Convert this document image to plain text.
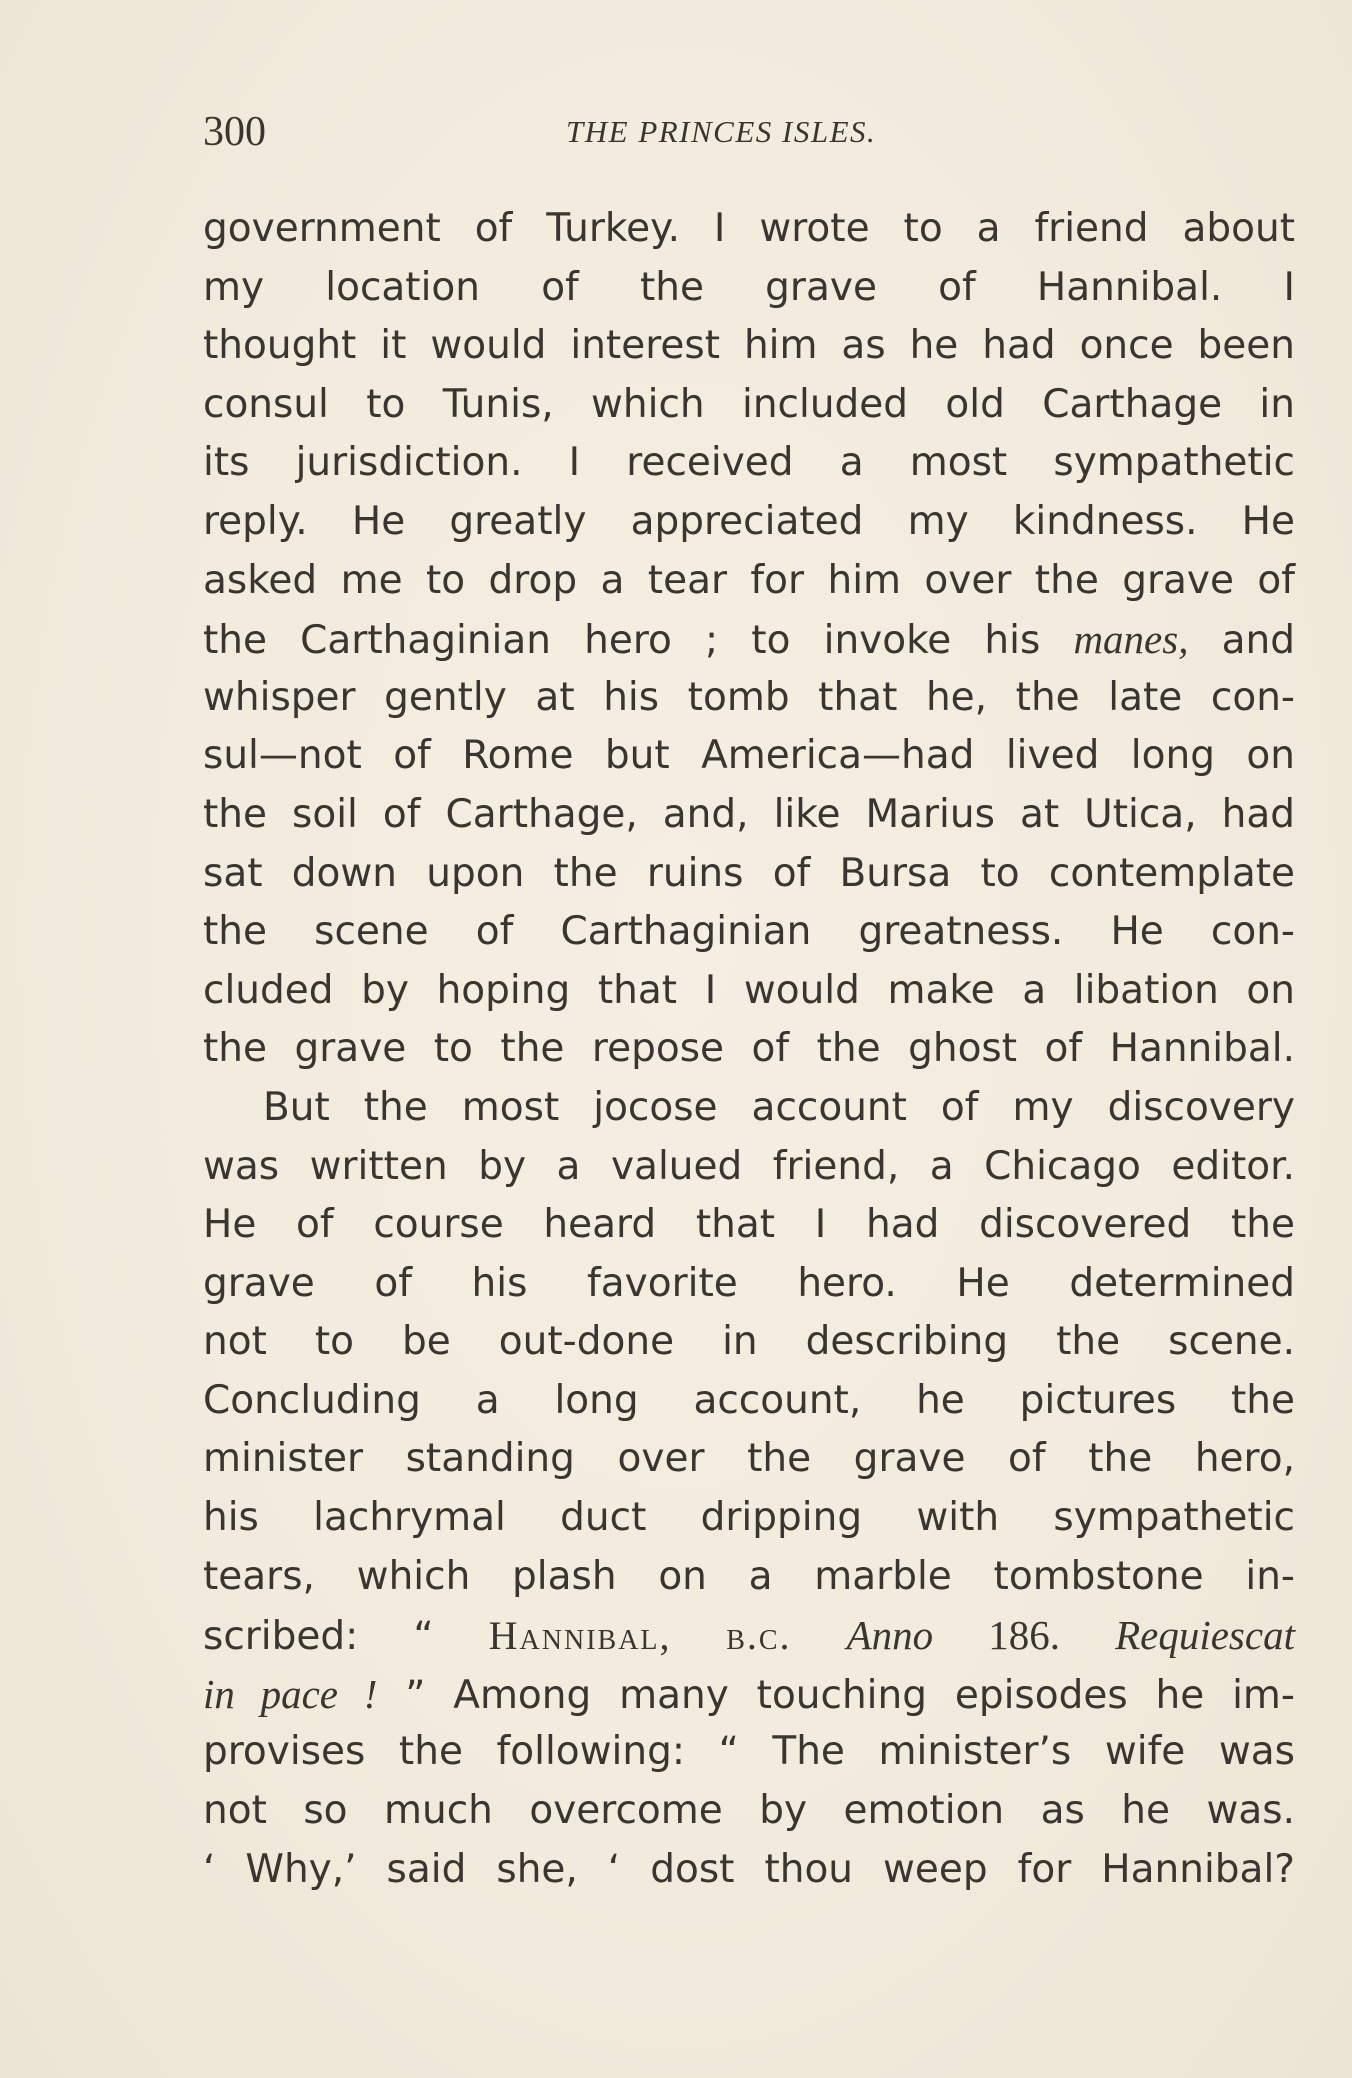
300	THE PRINCES ISLES.
government of Turkey. I wrote to a friend about
my location of the grave of Hannibal. I
thought it would interest him as he had once been
consul to Tunis, which included old Carthage in
its jurisdiction. I received a most sympathetic
reply. He greatly appreciated my kindness. He
asked me to drop a tear for him over the grave of
the Carthaginian hero ; to invoke his manes, and
whisper gently at his tomb that he, the late con-
sul—not of Rome but America—had lived long on
the soil of Carthage, and, like Marius at Utica, had
sat down upon the ruins of Bursa to contemplate
the scene of Carthaginian greatness. He con-
cluded by hoping that I would make a libation on
the grave to the repose of the ghost of Hannibal.
But the most jocose account of my discovery
was written by a valued friend, a Chicago editor.
He of course heard that I had discovered the
grave of his favorite hero. He determined
not to be out-done in describing the scene.
Concluding a long account, he pictures the
minister standing over the grave of the hero,
his lachrymal duct dripping with sympathetic
tears, which plash on a marble tombstone in-
scribed: “ Hannibal, b.c. Anno 186. Requiescat
in pace ! ” Among many touching episodes he im-
provises the following: “ The minister’s wife was
not so much overcome by emotion as he was.
‘ Why,’ said she, ‘ dost thou weep for Hannibal?
